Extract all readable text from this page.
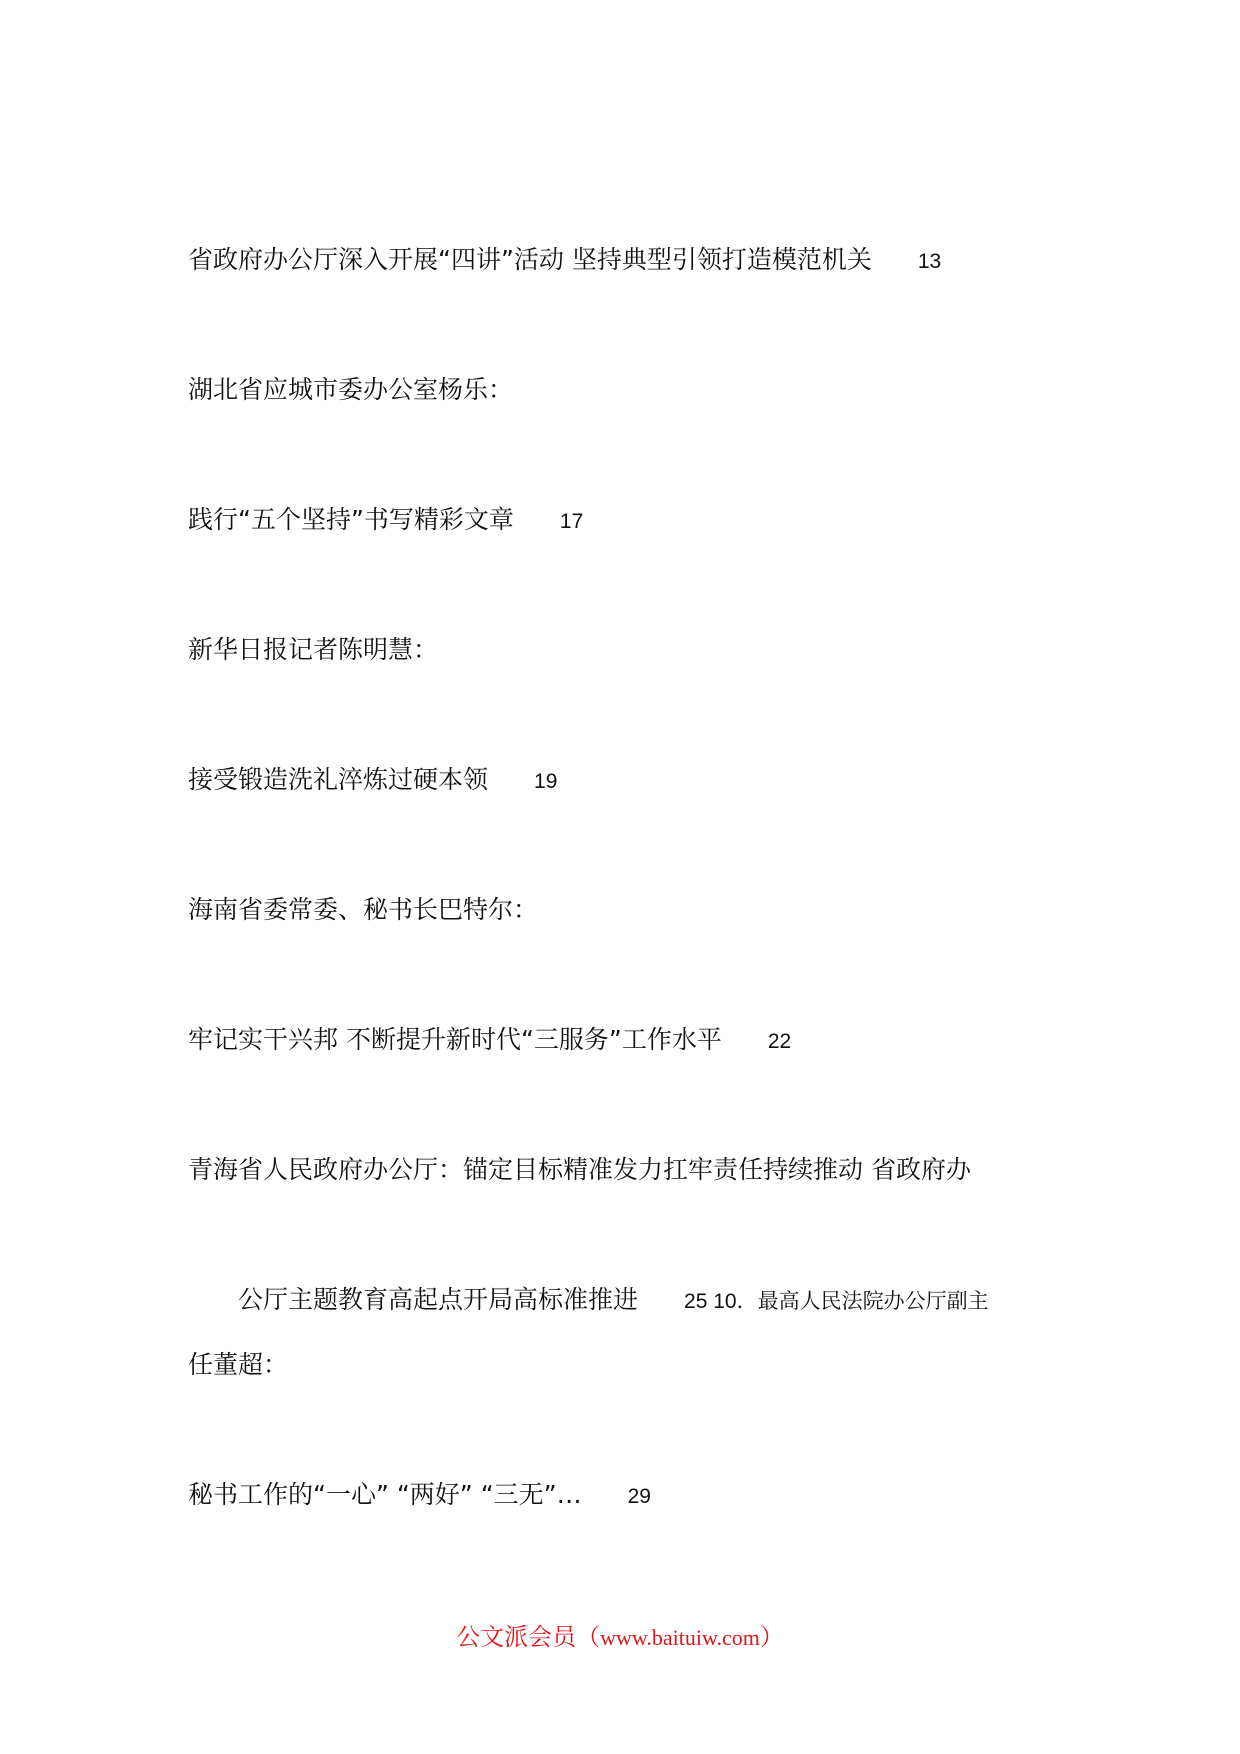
省政府办公厅深入开展“四讲”活动 坚持典型引领打造模范机关 13
湖北省应城市委办公室杨乐：
践行“五个坚持”书写精彩文章 17
新华日报记者陈明慧：
接受锻造洗礼淬炼过硬本领 19
海南省委常委、秘书长巴特尔：
牢记实干兴邦 不断提升新时代“三服务”工作水平 22
青海省人民政府办公厅：锚定目标精准发力扛牢责任持续推动 省政府办
公厅主题教育高起点开局高标准推进 25 10．最高人民法院办公厅副主
任董超：
秘书工作的“一心” “两好” “三无”… 29
公文派会员（www.baituiw.com）
